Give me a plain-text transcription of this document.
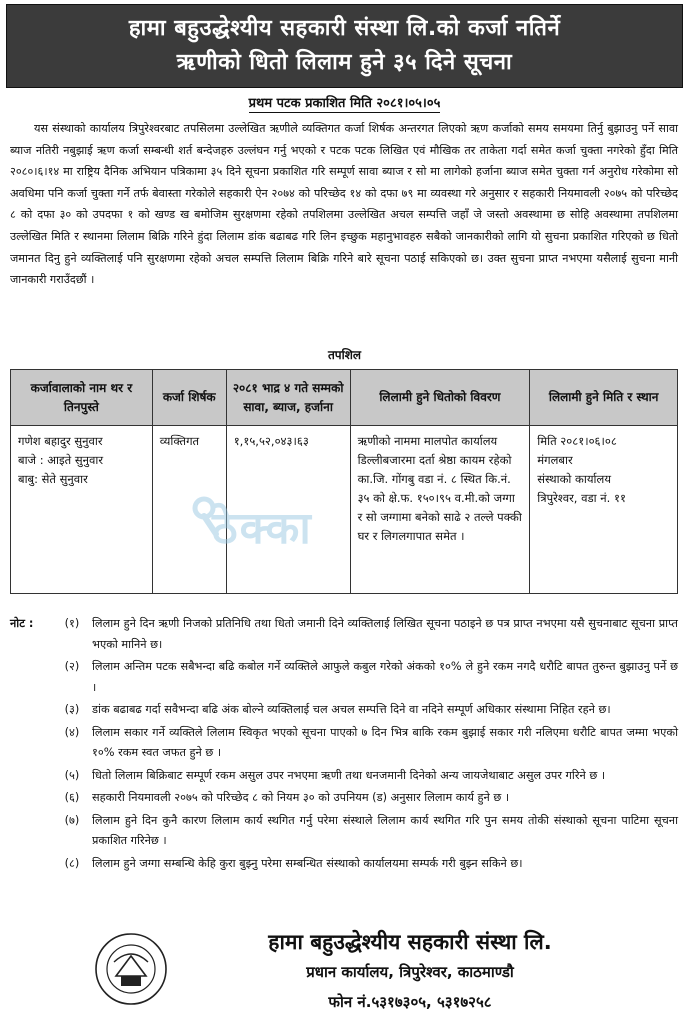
हामा बहुउद्धेश्यीय सहकारी संस्था लि.को कर्जा नतिर्ने
ऋणीको धितो लिलाम हुने ३५ दिने सूचना
प्रथम पटक प्रकाशित मिति २०८१।०५।०५

यस संस्थाको कार्यालय त्रिपुरेश्वरबाट तपसिलमा उल्लेखित ऋणीले व्यक्तिगत कर्जा शिर्षक अन्तरगत लिएको ऋण कर्जाको समय समयमा तिर्नु बुझाउनु पर्ने सावा ब्याज नतिरी नबुझाई ऋण कर्जा सम्बन्धी शर्त बन्देजहरु उल्लंघन गर्नु भएको र पटक पटक लिखित एवं मौखिक तर ताकेता गर्दा समेत कर्जा चुक्ता नगरेको हुँदा मिति २०८०।६।१४ मा राष्ट्रिय दैनिक अभियान पत्रिकामा ३५ दिने सूचना प्रकाशित गरि सम्पूर्ण सावा ब्याज र सो मा लागेको हर्जाना ब्याज समेत चुक्ता गर्न अनुरोध गरेकोमा सो अवधिमा पनि कर्जा चुक्ता गर्ने तर्फ बेवास्ता गरेकोले सहकारी ऐन २०७४ को परिच्छेद १४ को दफा ७९ मा व्यवस्था गरे अनुसार र सहकारी नियमावली २०७५ को परिच्छेद ८ को दफा ३० को उपदफा १ को खण्ड ख बमोजिम सुरक्षणमा रहेको तपशिलमा उल्लेखित अचल सम्पत्ति जहाँ जे जस्तो अवस्थामा छ सोहि अवस्थामा तपशिलमा उल्लेखित मिति र स्थानमा लिलाम बिक्रि गरिने हुंदा लिलाम डांक बढाबढ गरि लिन इच्छुक महानुभावहरु सबैको जानकारीको लागि यो सुचना प्रकाशित गरिएको छ धितो जमानत दिनु हुने व्यक्तिलाई पनि सुरक्षणमा रहेको अचल सम्पत्ति लिलाम बिक्रि गरिने बारे सूचना पठाई सकिएको छ। उक्त सुचना प्राप्त नभएमा यसैलाई सुचना मानी जानकारी गराउँदछौं ।

तपशिल
कर्जावालाको नाम थर र तिनपुस्ते	कर्जा शिर्षक	२०८१ भाद्र ४ गते सम्मको सावा, ब्याज, हर्जाना	लिलामी हुने धितोको विवरण	लिलामी हुने मिति र स्थान

गणेश बहादुर सुनुवार
बाजे : आइते सुनुवार
बाबु: सेते सुनुवार	व्यक्तिगत	१,१५,५२,०४३।६३	ऋणीको नाममा मालपोत कार्यालय डिल्लीबजारमा दर्ता श्रेष्ठा कायम रहेको का.जि. गोंगबु वडा नं. ८ स्थित कि.नं. ३५ को क्षे.फ. १५०।९५ व.मी.को जग्गा र सो जग्गामा बनेको साढे २ तल्ले पक्की घर र लिगलगापात समेत ।	मिति २०८१।०६।०८
मंगलबार
संस्थाको कार्यालय
त्रिपुरेश्वर, वडा नं. ११
ठेक्का
नोट :	(१)	लिलाम हुने दिन ऋणी निजको प्रतिनिधि तथा धितो जमानी दिने व्यक्तिलाई लिखित सूचना पठाइने छ पत्र प्राप्त नभएमा यसै सुचनाबाट सूचना प्राप्त भएको मानिने छ।
(२)	लिलाम अन्तिम पटक सबैभन्दा बढि कबोल गर्ने व्यक्तिले आफुले कबुल गरेको अंकको १०% ले हुने रकम नगदै धरौटि बापत तुरुन्त बुझाउनु पर्ने छ ।
(३)	डांक बढाबढ गर्दा सवैभन्दा बढि अंक बोल्ने व्यक्तिलाई चल अचल सम्पत्ति दिने वा नदिने सम्पूर्ण अधिकार संस्थामा निहित रहने छ।
(४)	लिलाम सकार गर्ने व्यक्तिले लिलाम स्विकृत भएको सूचना पाएको ७ दिन भित्र बाकि रकम बुझाई सकार गरी नलिएमा धरौटि बापत जम्मा भएको १०% रकम स्वत जफत हुने छ ।
(५)	धितो लिलाम बिक्रिबाट सम्पूर्ण रकम असुल उपर नभएमा ऋणी तथा धनजमानी दिनेको अन्य जायजेथाबाट असुल उपर गरिने छ ।
(६)	सहकारी नियमावली २०७५ को परिच्छेद ८ को नियम ३० को उपनियम (ड) अनुसार लिलाम कार्य हुने छ ।
(७)	लिलाम हुने दिन कुनै कारण लिलाम कार्य स्थगित गर्नु परेमा संस्थाले लिलाम कार्य स्थगित गरि पुन समय तोकी संस्थाको सूचना पाटिमा सूचना प्रकाशित गरिनेछ ।
(८)	लिलाम हुने जग्गा सम्बन्धि केहि कुरा बुझ्नु परेमा सम्बन्धित संस्थाको कार्यालयमा सम्पर्क गरी बुझ्न सकिने छ।
हामा बहुउद्धेश्यीय सहकारी संस्था लि.
प्रधान कार्यालय, त्रिपुरेश्वर, काठमाण्डौ
फोन नं.५३१७३०५, ५३१७२५८
